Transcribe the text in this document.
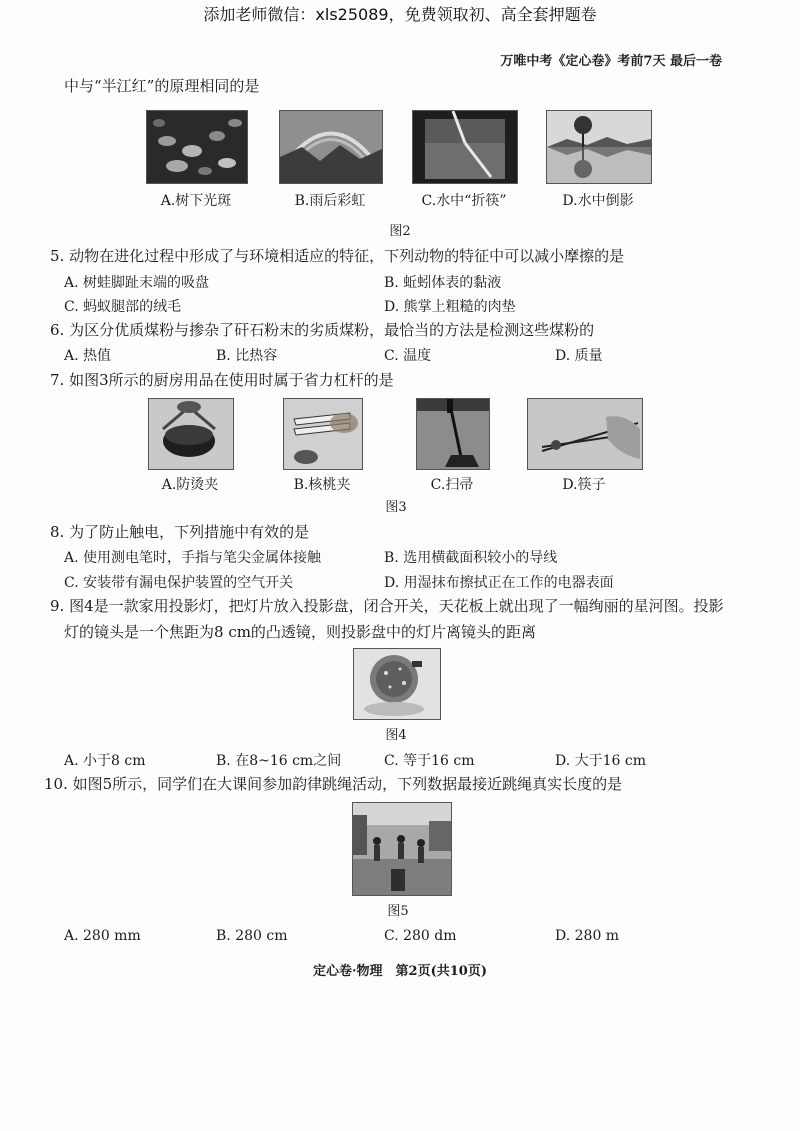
添加老师微信：xls25089，免费领取初、高全套押题卷
万唯中考《定心卷》考前7天 最后一卷
中与“半江红”的原理相同的是
A.树下光斑	B.雨后彩虹	C.水中“折筷”	D.水中倒影
图2
5. 动物在进化过程中形成了与环境相适应的特征，下列动物的特征中可以减小摩擦的是
A. 树蛙脚趾末端的吸盘	B. 蚯蚓体表的黏液
C. 蚂蚁腿部的绒毛	D. 熊掌上粗糙的肉垫
6. 为区分优质煤粉与掺杂了矸石粉末的劣质煤粉，最恰当的方法是检测这些煤粉的
A. 热值	B. 比热容	C. 温度	D. 质量
7. 如图3所示的厨房用品在使用时属于省力杠杆的是
A.防烫夹	B.核桃夹	C.扫帚	D.筷子
图3
8. 为了防止触电，下列措施中有效的是
A. 使用测电笔时，手指与笔尖金属体接触	B. 选用横截面积较小的导线
C. 安装带有漏电保护装置的空气开关	D. 用湿抹布擦拭正在工作的电器表面
9. 图4是一款家用投影灯，把灯片放入投影盘，闭合开关，天花板上就出现了一幅绚丽的星河图。投影
灯的镜头是一个焦距为8 cm的凸透镜，则投影盘中的灯片离镜头的距离
图4
A. 小于8 cm	B. 在8~16 cm之间	C. 等于16 cm	D. 大于16 cm
10. 如图5所示，同学们在大课间参加韵律跳绳活动，下列数据最接近跳绳真实长度的是
图5
A. 280 mm	B. 280 cm	C. 280 dm	D. 280 m
定心卷·物理　第2页(共10页)
